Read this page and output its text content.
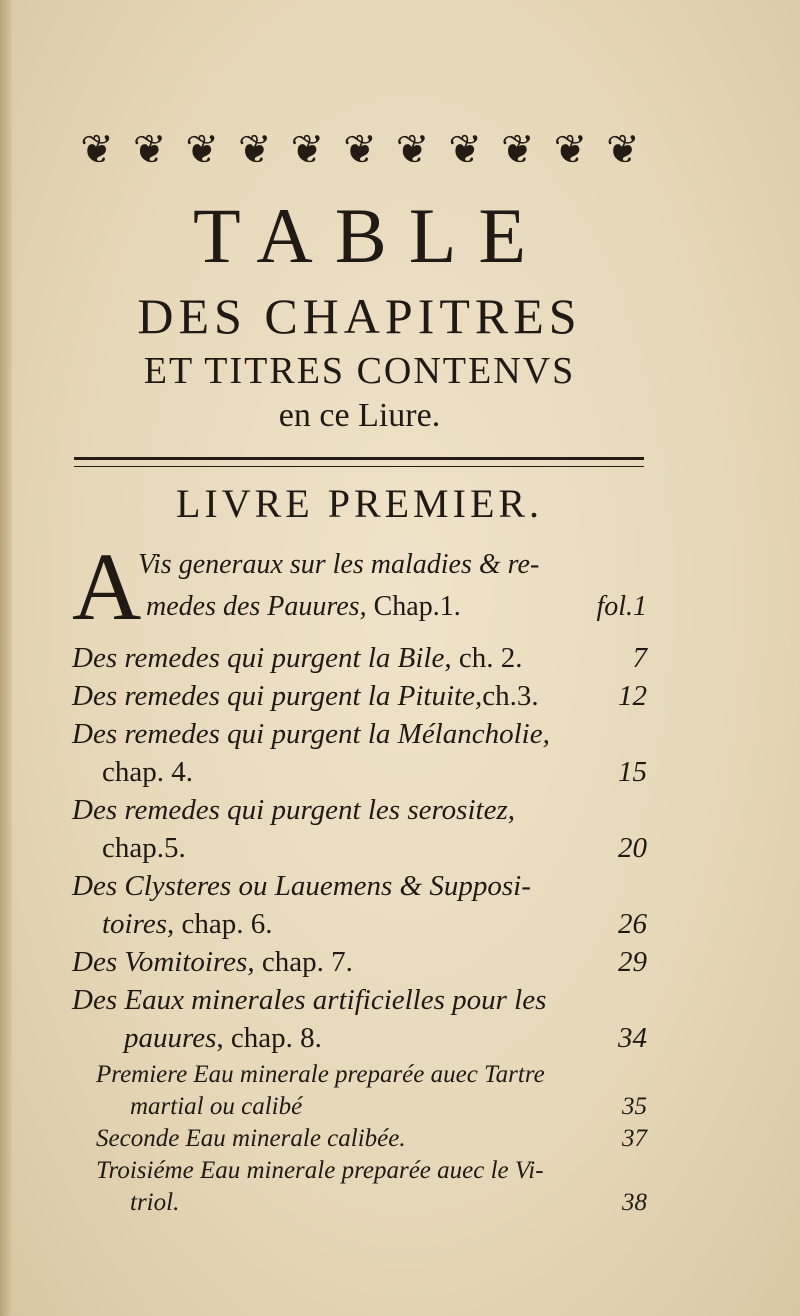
❦ ❦ ❦ ❦ ❦ ❦ ❦ ❦ ❦ ❦ ❦
TABLE
DES CHAPITRES
ET TITRES CONTENVS
en ce Liure.
LIVRE PREMIER.
A
Vis generaux sur les maladies & re-
medes des Pauures, Chap.1.	fol.1
Des remedes qui purgent la Bile, ch. 2.	7
Des remedes qui purgent la Pituite,ch.3.	12
Des remedes qui purgent la Mélancholie,
chap. 4.	15
Des remedes qui purgent les serositez,
chap.5.	20
Des Clysteres ou Lauemens & Supposi-
toires, chap. 6.	26
Des Vomitoires, chap. 7.	29
Des Eaux minerales artificielles pour les
pauures, chap. 8.	34
Premiere Eau minerale preparée auec Tartre
martial ou calibé	35
Seconde Eau minerale calibée.	37
Troisiéme Eau minerale preparée auec le Vi-
triol.	38
